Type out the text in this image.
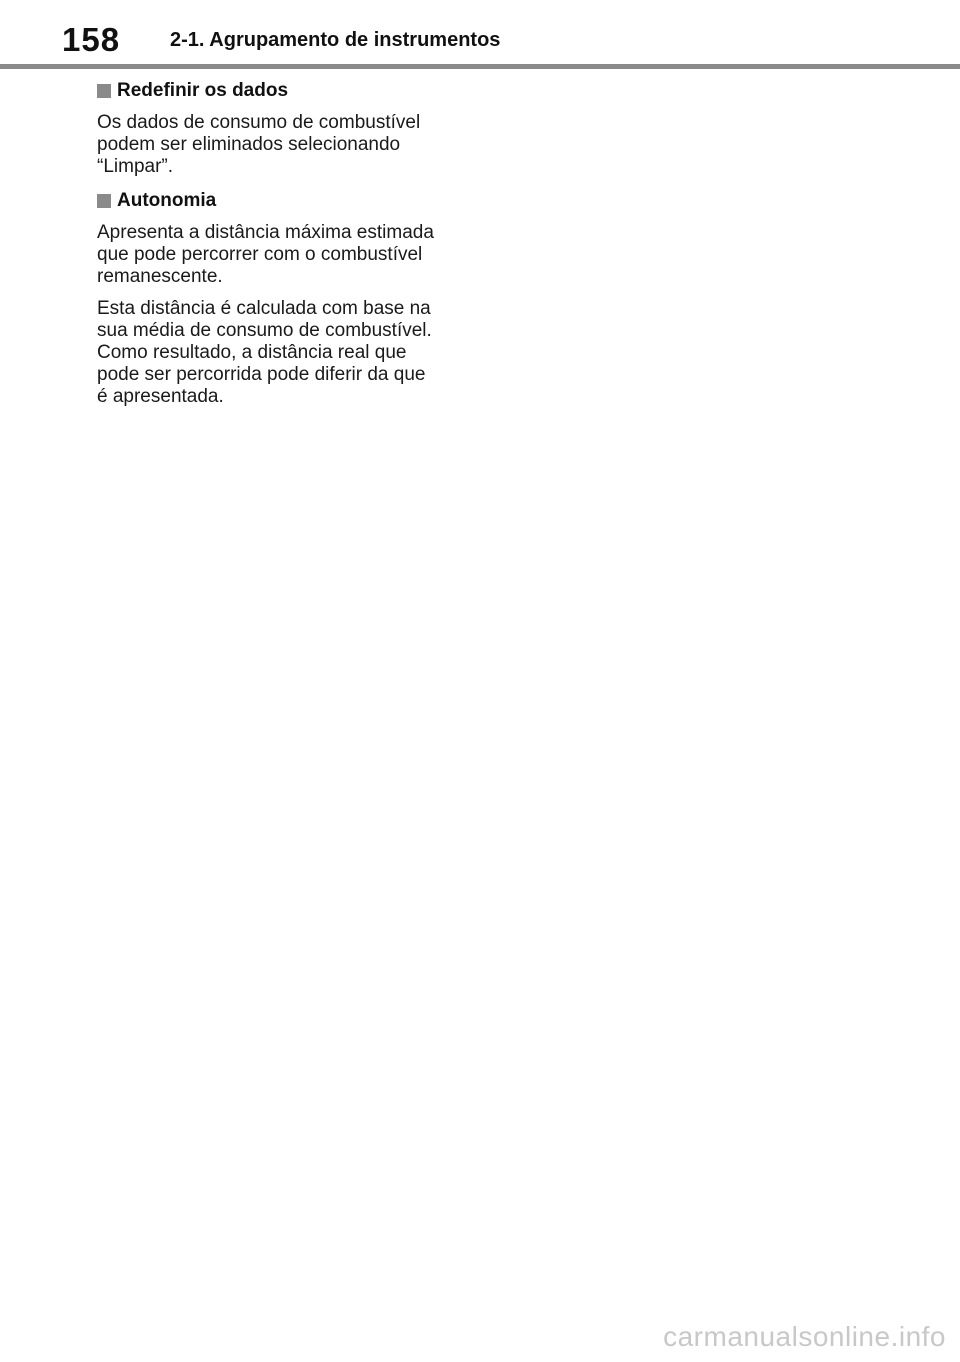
158 2-1. Agrupamento de instrumentos
Redefinir os dados

Os dados de consumo de combustível
podem ser eliminados selecionando
“Limpar”.

Autonomia

Apresenta a distância máxima estimada
que pode percorrer com o combustível
remanescente.

Esta distância é calculada com base na
sua média de consumo de combustível.
Como resultado, a distância real que
pode ser percorrida pode diferir da que
é apresentada.

carmanualsonline.info
